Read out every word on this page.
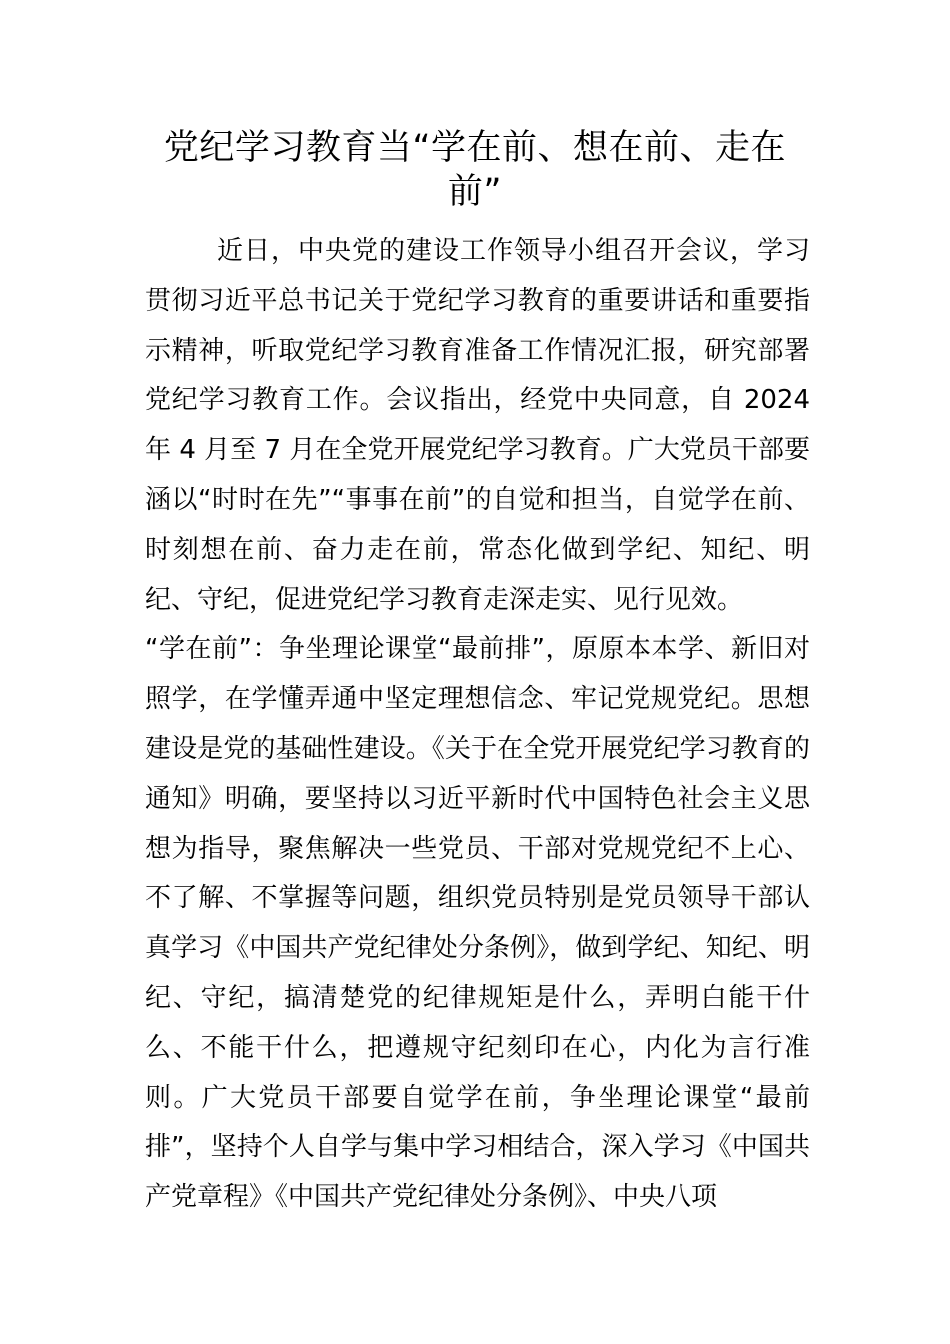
党纪学习教育当“学在前、想在前、走在前”

近日，中央党的建设工作领导小组召开会议，学习贯彻习近平总书记关于党纪学习教育的重要讲话和重要指示精神，听取党纪学习教育准备工作情况汇报，研究部署党纪学习教育工作。会议指出，经党中央同意，自 2024 年 4 月至 7 月在全党开展党纪学习教育。广大党员干部要涵以“时时在先”“事事在前”的自觉和担当，自觉学在前、时刻想在前、奋力走在前，常态化做到学纪、知纪、明纪、守纪，促进党纪学习教育走深走实、见行见效。

“学在前”：争坐理论课堂“最前排”，原原本本学、新旧对照学，在学懂弄通中坚定理想信念、牢记党规党纪。思想建设是党的基础性建设。《关于在全党开展党纪学习教育的通知》明确，要坚持以习近平新时代中国特色社会主义思想为指导，聚焦解决一些党员、干部对党规党纪不上心、不了解、不掌握等问题，组织党员特别是党员领导干部认真学习《中国共产党纪律处分条例》，做到学纪、知纪、明纪、守纪，搞清楚党的纪律规矩是什么，弄明白能干什么、不能干什么，把遵规守纪刻印在心，内化为言行准则。广大党员干部要自觉学在前，争坐理论课堂“最前排”，坚持个人自学与集中学习相结合，深入学习《中国共产党章程》《中国共产党纪律处分条例》、中央八项
